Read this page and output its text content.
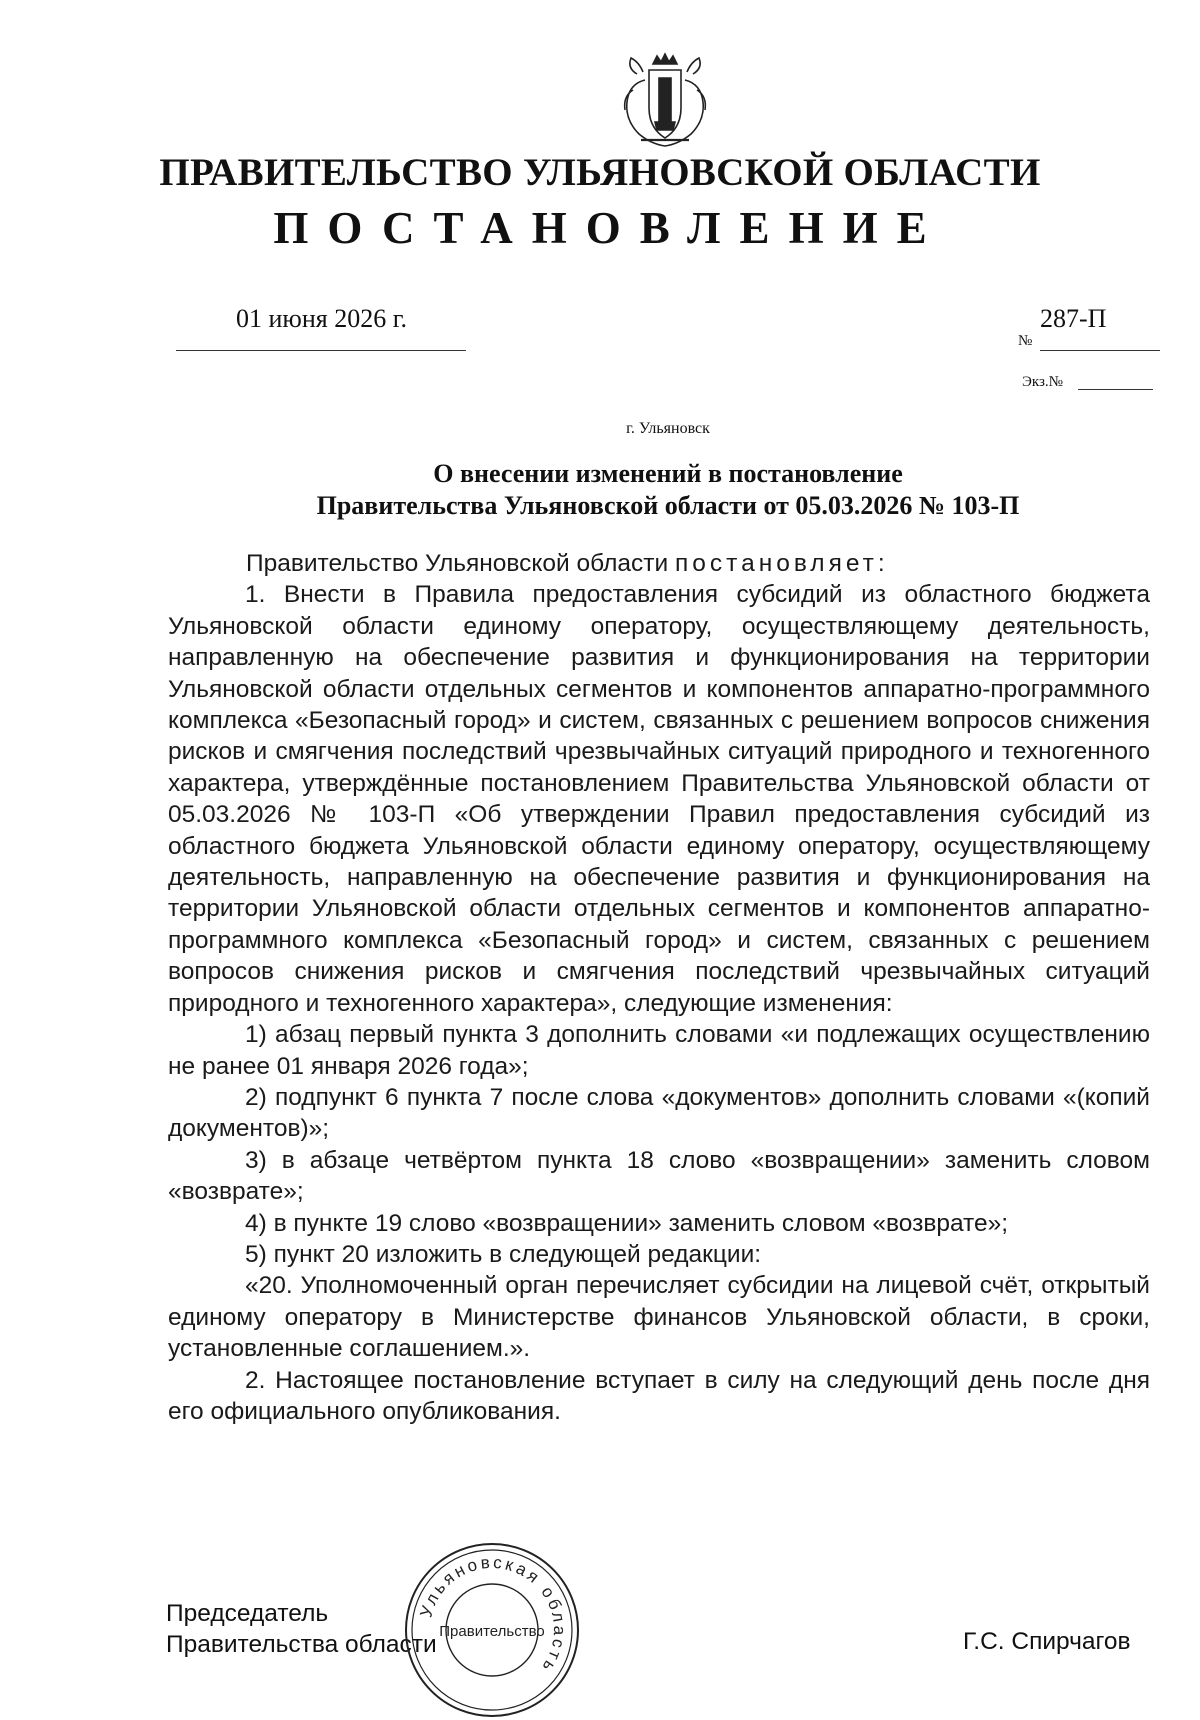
ПРАВИТЕЛЬСТВО УЛЬЯНОВСКОЙ ОБЛАСТИ
ПОСТАНОВЛЕНИЕ
01 июня 2026 г.
№
287-П
Экз.№
г. Ульяновск
О внесении изменений в постановление
Правительства Ульяновской области от 05.03.2026 № 103-П

Правительство Ульяновской области постановляет:

1. Внести в Правила предоставления субсидий из областного бюджета Ульяновской области единому оператору, осуществляющему деятельность, направленную на обеспечение развития и функционирования на территории Ульяновской области отдельных сегментов и компонентов аппаратно-программного комплекса «Безопасный город» и систем, связанных с решением вопросов снижения рисков и смягчения последствий чрезвычайных ситуаций природного и техногенного характера, утверждённые постановлением Правительства Ульяновской области от 05.03.2026 № 103-П «Об утверждении Правил предоставления субсидий из областного бюджета Ульяновской области единому оператору, осуществляющему деятельность, направленную на обеспечение развития и функционирования на территории Ульяновской области отдельных сегментов и компонентов аппаратно-программного комплекса «Безопасный город» и систем, связанных с решением вопросов снижения рисков и смягчения последствий чрезвычайных ситуаций природного и техногенного характера», следующие изменения:

1) абзац первый пункта 3 дополнить словами «и подлежащих осуществлению не ранее 01 января 2026 года»;

2) подпункт 6 пункта 7 после слова «документов» дополнить словами «(копий документов)»;

3) в абзаце четвёртом пункта 18 слово «возвращении» заменить словом «возврате»;

4) в пункте 19 слово «возвращении» заменить словом «возврате»;

5) пункт 20 изложить в следующей редакции:

«20. Уполномоченный орган перечисляет субсидии на лицевой счёт, открытый единому оператору в Министерстве финансов Ульяновской области, в сроки, установленные соглашением.».

2. Настоящее постановление вступает в силу на следующий день после дня его официального опубликования.

Председатель
Правительства области	Г.С. Спирчагов
Ульяновская область
Правительство
